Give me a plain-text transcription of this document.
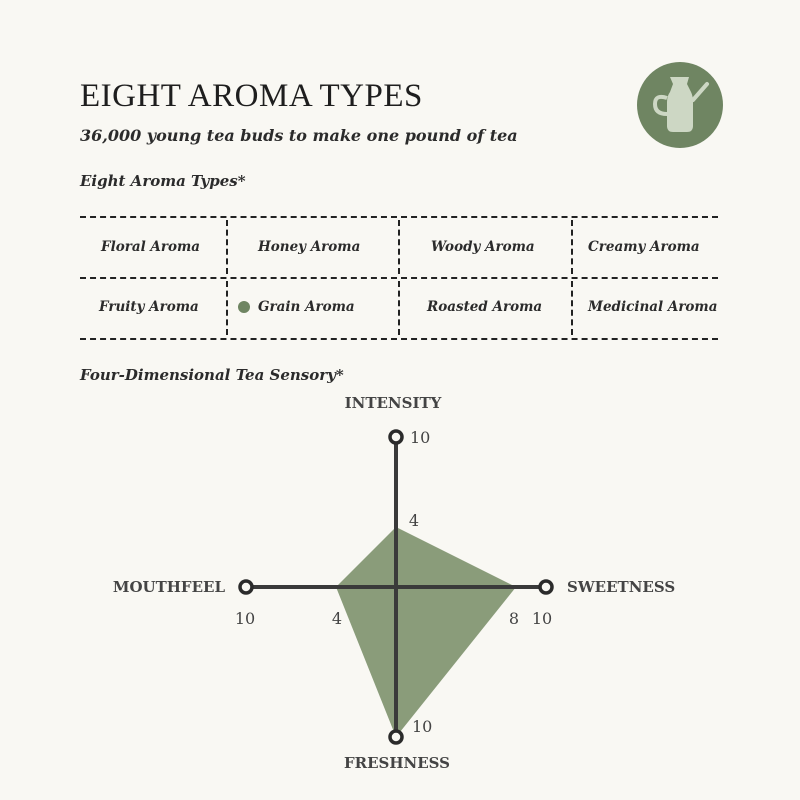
EIGHT AROMA TYPES
36,000 young tea buds to make one pound of tea
Eight Aroma Types*
Floral Aroma	Honey Aroma	Woody Aroma	Creamy Aroma
Fruity Aroma	Grain Aroma	Roasted Aroma	Medicinal Aroma
Four-Dimensional Tea Sensory*
INTENSITY
FRESHNESS
MOUTHFEEL	SWEETNESS
10
10
10	10
4
4	8
